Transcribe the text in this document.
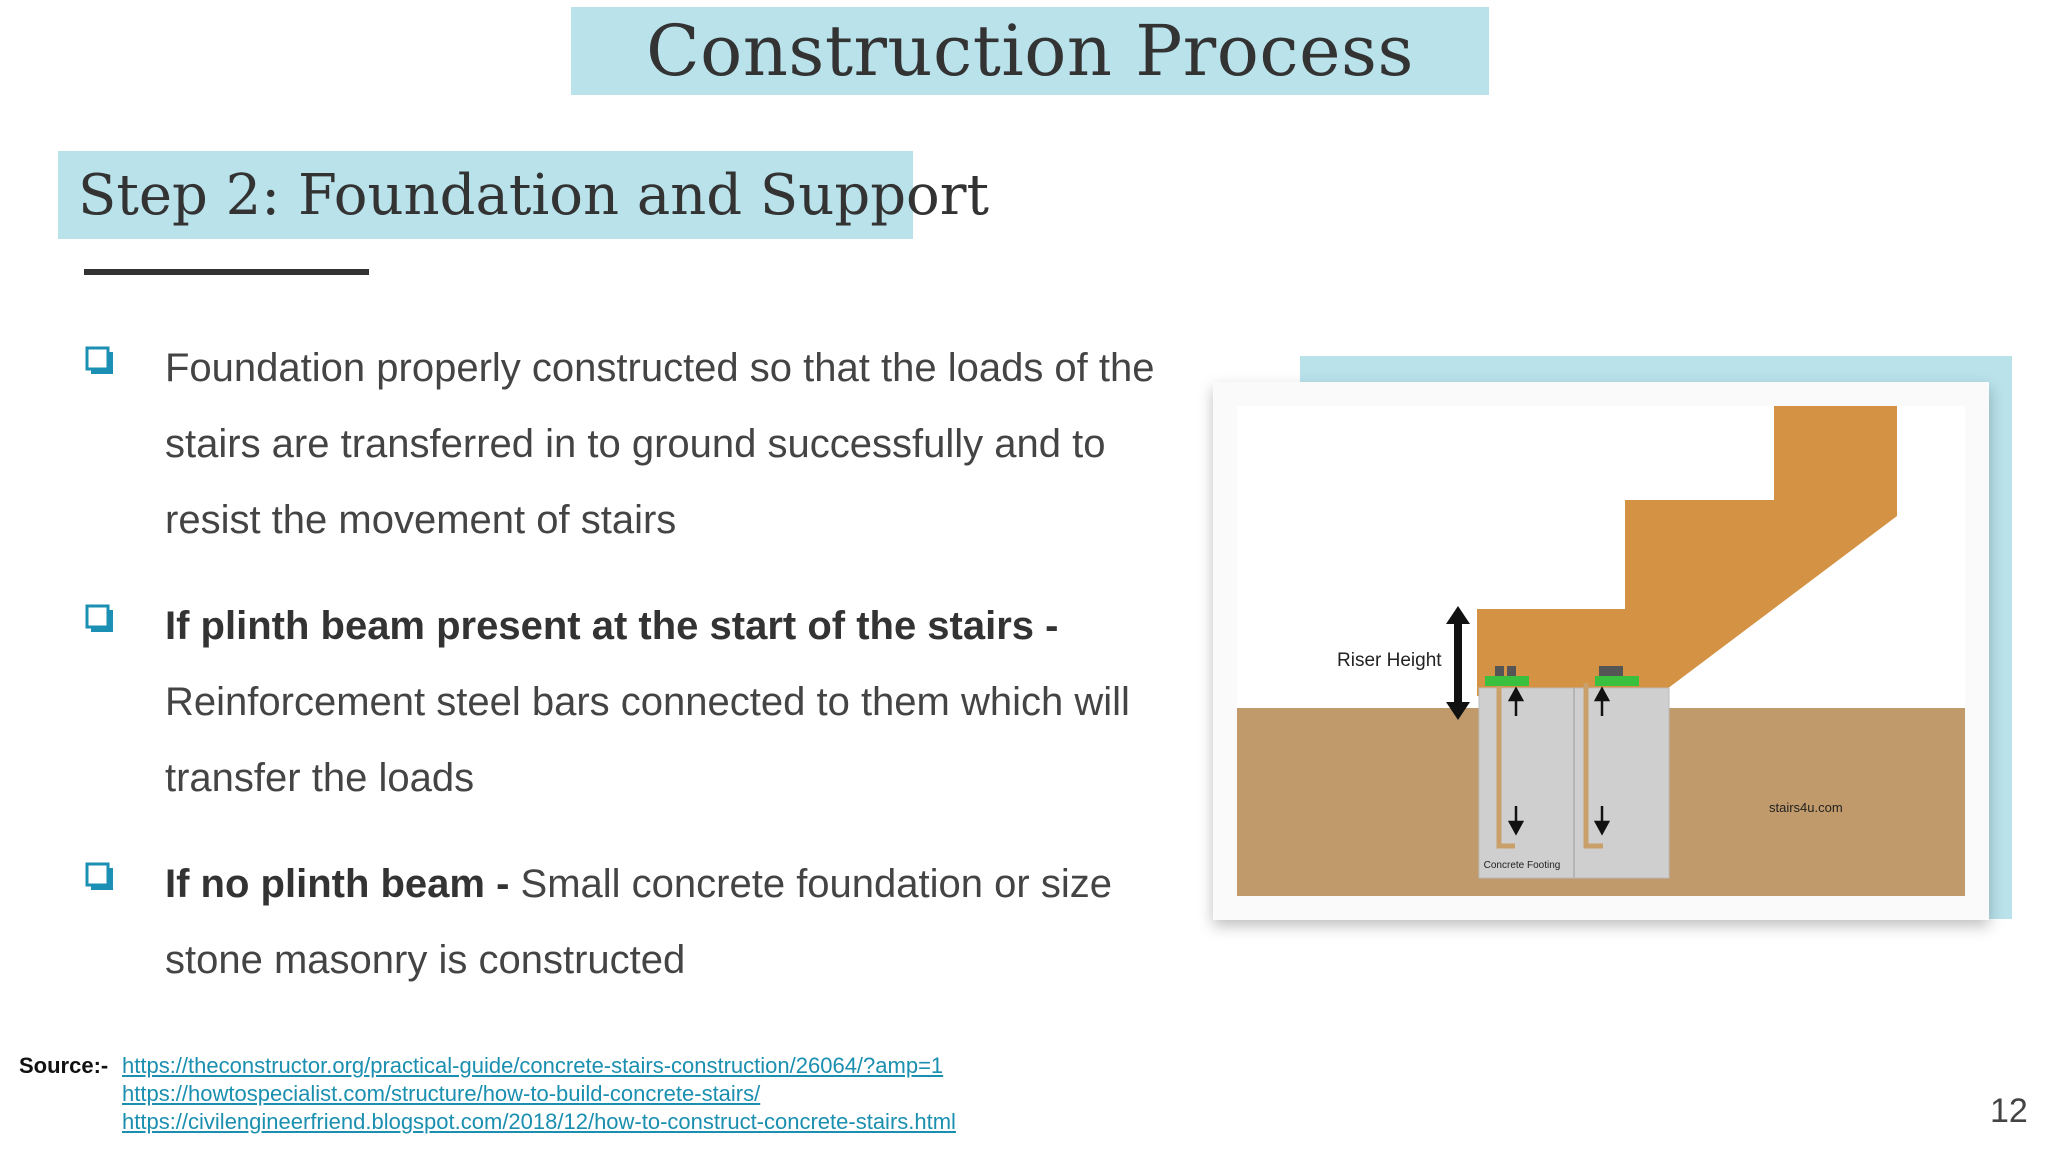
Construction Process
Step 2: Foundation and Support

Foundation properly constructed so that the loads of the stairs are transferred in to ground successfully and to resist the movement of stairs

If plinth beam present at the start of the stairs - Reinforcement steel bars connected to them which will transfer the loads

If no plinth beam - Small concrete foundation or size stone masonry is constructed

Riser Height
Concrete Footing
stairs4u.com
Source:- https://theconstructor.org/practical-guide/concrete-stairs-construction/26064/?amp=1
https://howtospecialist.com/structure/how-to-build-concrete-stairs/
https://civilengineerfriend.blogspot.com/2018/12/how-to-construct-concrete-stairs.html	12
